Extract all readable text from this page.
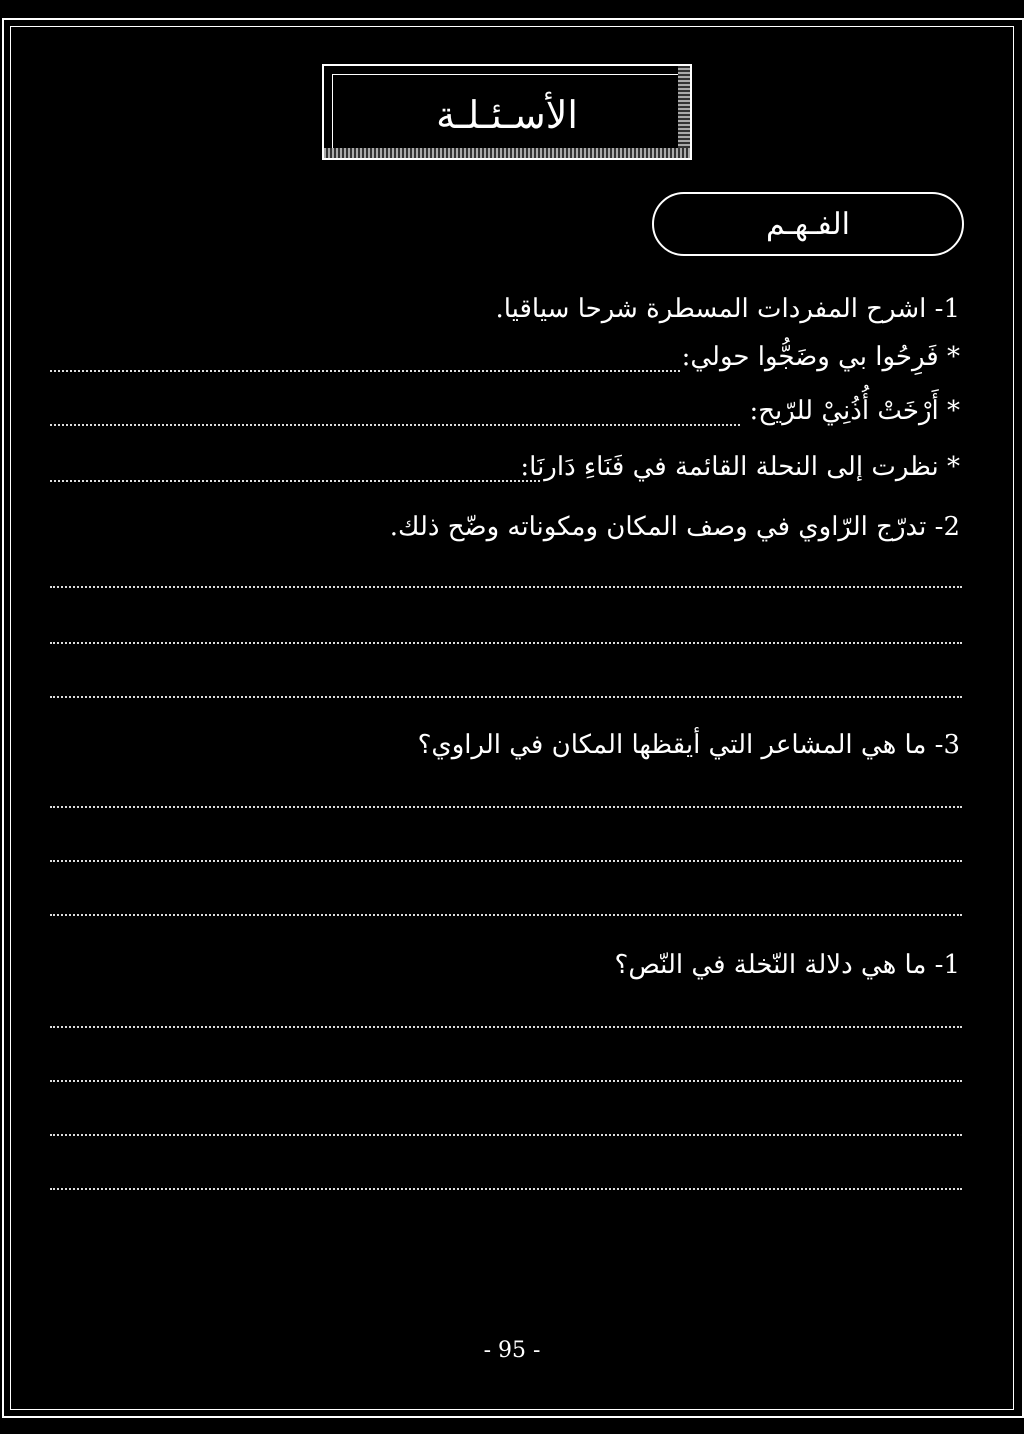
الأسـئـلـة
الفـهـم
1- اشرح المفردات المسطرة شرحا سياقيا.
* فَرِحُوا بي وضَجُّوا حولي:
* أَرْخَتْ أُذُنِيْ للرّيح:
* نظرت إلى النحلة القائمة في فَنَاءِ دَارنَا:
2- تدرّج الرّاوي في وصف المكان ومكوناته وضّح ذلك.
3- ما هي المشاعر التي أيقظها المكان في الراوي؟
1- ما هي دلالة النّخلة في النّص؟
- 95 -
